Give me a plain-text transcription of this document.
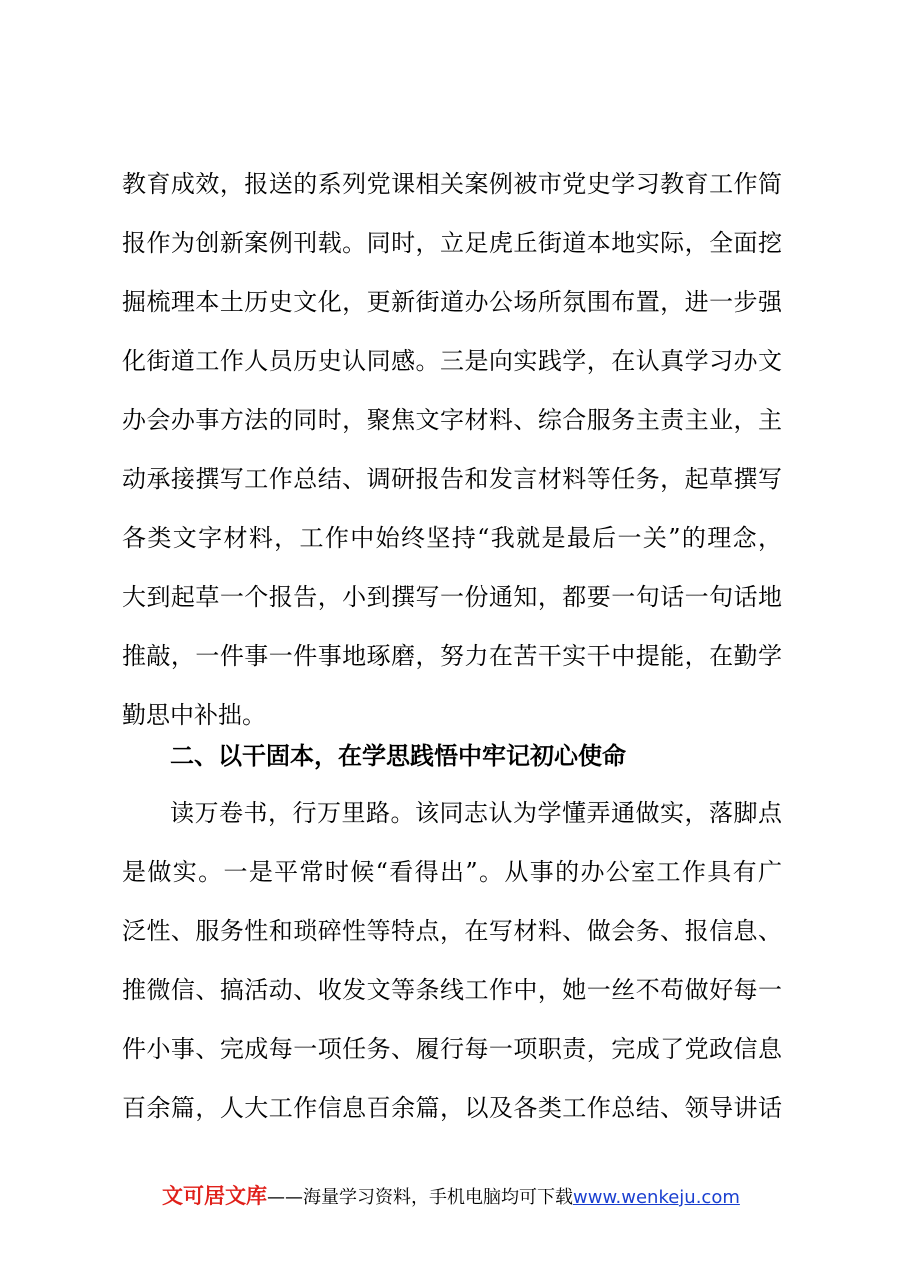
教育成效，报送的系列党课相关案例被市党史学习教育工作简
报作为创新案例刊载。同时，立足虎丘街道本地实际，全面挖
掘梳理本土历史文化，更新街道办公场所氛围布置，进一步强
化街道工作人员历史认同感。三是向实践学，在认真学习办文
办会办事方法的同时，聚焦文字材料、综合服务主责主业，主
动承接撰写工作总结、调研报告和发言材料等任务，起草撰写
各类文字材料，工作中始终坚持“我就是最后一关”的理念，
大到起草一个报告，小到撰写一份通知，都要一句话一句话地
推敲，一件事一件事地琢磨，努力在苦干实干中提能，在勤学
勤思中补拙。
二、以干固本，在学思践悟中牢记初心使命
读万卷书，行万里路。该同志认为学懂弄通做实，落脚点
是做实。一是平常时候“看得出”。从事的办公室工作具有广
泛性、服务性和琐碎性等特点，在写材料、做会务、报信息、
推微信、搞活动、收发文等条线工作中，她一丝不苟做好每一
件小事、完成每一项任务、履行每一项职责，完成了党政信息
百余篇，人大工作信息百余篇，以及各类工作总结、领导讲话
文可居文库——海量学习资料，手机电脑均可下载www.wenkeju.com
